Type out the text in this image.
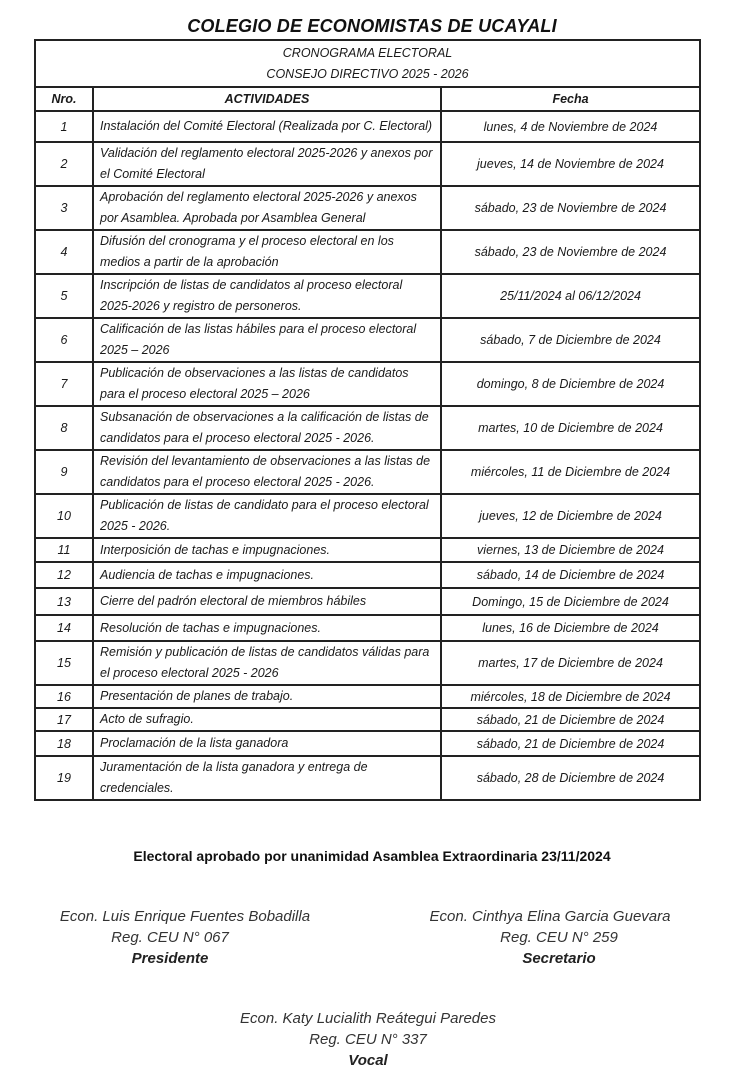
COLEGIO DE ECONOMISTAS DE UCAYALI
CRONOGRAMA ELECTORAL
CONSEJO DIRECTIVO 2025 - 2026		

Nro.	ACTIVIDADES	Fecha
1	Instalación del Comité Electoral (Realizada por C. Electoral)	lunes, 4 de Noviembre de 2024
2	Validación del reglamento electoral 2025-2026 y anexos por el Comité Electoral	jueves, 14 de Noviembre de 2024
3	Aprobación del reglamento electoral 2025-2026 y anexos por Asamblea. Aprobada por Asamblea General	sábado, 23 de Noviembre de 2024
4	Difusión del cronograma y el proceso electoral en los medios a partir de la aprobación	sábado, 23 de Noviembre de 2024
5	Inscripción de listas de candidatos al proceso electoral 2025-2026 y registro de personeros.	25/11/2024 al 06/12/2024
6	Calificación de las listas hábiles para el proceso electoral 2025 – 2026	sábado, 7 de Diciembre de 2024
7	Publicación de observaciones a las listas de candidatos para el proceso electoral 2025 – 2026	domingo, 8 de Diciembre de 2024
8	Subsanación de observaciones a la calificación de listas de candidatos para el proceso electoral 2025 - 2026.	martes, 10 de Diciembre de 2024
9	Revisión del levantamiento de observaciones a las listas de candidatos para el proceso electoral 2025 - 2026.	miércoles, 11 de Diciembre de 2024
10	Publicación de listas de candidato para el proceso electoral 2025 - 2026.	jueves, 12 de Diciembre de 2024
11	Interposición de tachas e impugnaciones.	viernes, 13 de Diciembre de 2024
12	Audiencia de tachas e impugnaciones.	sábado, 14 de Diciembre de 2024
13	Cierre del padrón electoral de miembros hábiles	Domingo, 15 de Diciembre de 2024
14	Resolución de tachas e impugnaciones.	lunes, 16 de Diciembre de 2024
15	Remisión y publicación de listas de candidatos válidas para el proceso electoral 2025 - 2026	martes, 17 de Diciembre de 2024
16	Presentación de planes de trabajo.	miércoles, 18 de Diciembre de 2024
17	Acto de sufragio.	sábado, 21 de Diciembre de 2024
18	Proclamación de la lista ganadora	sábado, 21 de Diciembre de 2024
19	Juramentación de la lista ganadora y entrega de credenciales.	sábado, 28 de Diciembre de 2024
Electoral aprobado por unanimidad Asamblea Extraordinaria 23/11/2024
Econ. Luis Enrique Fuentes Bobadilla
Reg. CEU N° 067
Presidente
Econ. Cinthya Elina Garcia Guevara
Reg. CEU N° 259
Secretario
Econ. Katy Lucialith Reátegui Paredes
Reg. CEU N° 337
Vocal
